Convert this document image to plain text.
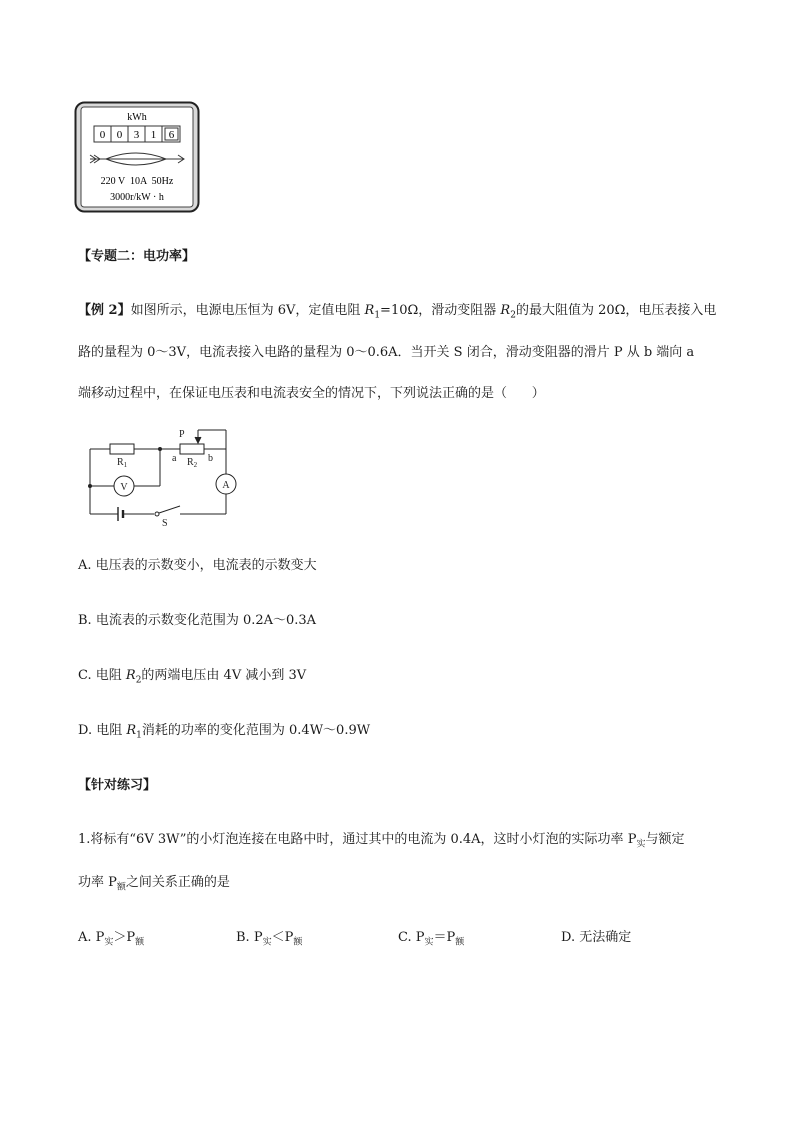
kWh
0 0 3 1 6
220 V  10A  50Hz
3000r/kW · h
【专题二：电功率】
【例 2】如图所示，电源电压恒为 6V，定值电阻 $R_1=10\Omega$，滑动变阻器 $R_2$的最大阻值为 20Ω，电压表接入电
路的量程为 0～3V，电流表接入电路的量程为 0～0.6A．当开关 S 闭合，滑动变阻器的滑片 P 从 b 端向 a
端移动过程中，在保证电压表和电流表安全的情况下，下列说法正确的是（      ）
$R_1$	$R_2$
P
a	b
V	A
S
A. 电压表的示数变小，电流表的示数变大
B. 电流表的示数变化范围为 0.2A～0.3A
C. 电阻 $R_2$的两端电压由 4V 减小到 3V
D. 电阻 $R_1$消耗的功率的变化范围为 0.4W～0.9W
【针对练习】
1.将标有“6V 3W”的小灯泡连接在电路中时，通过其中的电流为 0.4A，这时小灯泡的实际功率 $P_实$与额定
功率 $P_额$之间关系正确的是
A. $P_实>P_额$	B. $P_实<P_额$	C. $P_实=P_额$	D. 无法确定
